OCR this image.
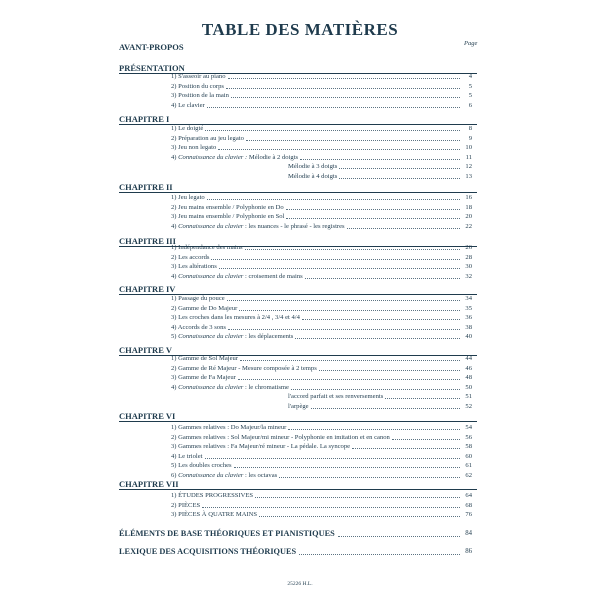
TABLE DES MATIÈRES
AVANT-PROPOS	Page
PRÉSENTATION
1) S'asseoir au piano	4
2) Position du corps	5
3) Position de la main	5
4) Le clavier	6
CHAPITRE I
1) Le doigté	8
2) Préparation au jeu legato	9
3) Jeu non legato	10
4) Connaissance du clavier : Mélodie à 2 doigts	11
Mélodie à 3 doigts	12
Mélodie à 4 doigts	13
CHAPITRE II
1) Jeu legato	16
2) Jeu mains ensemble / Polyphonie en Do	18
3) Jeu mains ensemble / Polyphonie en Sol	20
4) Connaissance du clavier : les nuances - le phrasé - les registres	22
CHAPITRE III
1) Indépendance des mains	26
2) Les accords	28
3) Les altérations	30
4) Connaissance du clavier : croisement de mains	32
CHAPITRE IV
1) Passage du pouce	34
2) Gamme de Do Majeur	35
3) Les croches dans les mesures à 2/4 , 3/4 et 4/4	36
4) Accords de 3 sons	38
5) Connaissance du clavier : les déplacements	40
CHAPITRE V
1) Gamme de Sol Majeur	44
2) Gamme de Ré Majeur - Mesure composée à 2 temps	46
3) Gamme de Fa Majeur	48
4) Connaissance du clavier : le chromatisme	50
l'accord parfait et ses renversements	51
l'arpège	52
CHAPITRE VI
1) Gammes relatives : Do Majeur/la mineur	54
2) Gammes relatives : Sol Majeur/mi mineur - Polyphonie en imitation et en canon	56
3) Gammes relatives : Fa Majeur/ré mineur - La pédale. La syncope	58
4) Le triolet	60
5) Les doubles croches	61
6) Connaissance du clavier : les octavas	62
CHAPITRE VII
1) ÉTUDES PROGRESSIVES	64
2) PIÈCES	68
3) PIÈCES À QUATRE MAINS	76
ÉLÉMENTS DE BASE THÉORIQUES ET PIANISTIQUES	84
LEXIQUE DES ACQUISITIONS THÉORIQUES	86
25226 H.L.
